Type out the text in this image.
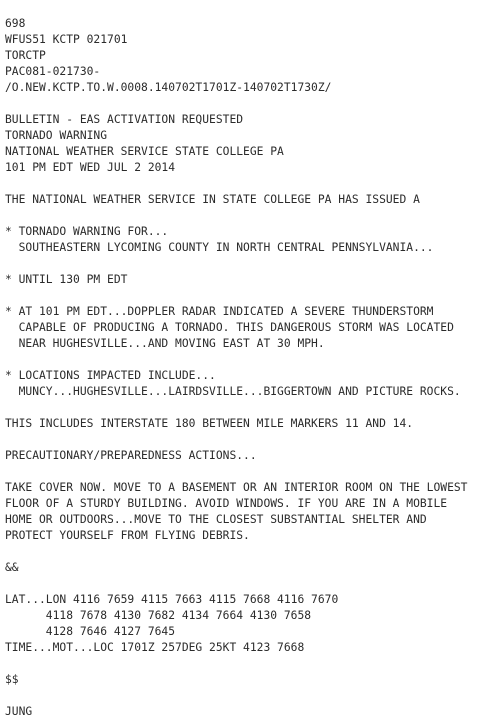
698
WFUS51 KCTP 021701
TORCTP
PAC081-021730-
/O.NEW.KCTP.TO.W.0008.140702T1701Z-140702T1730Z/
BULLETIN - EAS ACTIVATION REQUESTED
TORNADO WARNING
NATIONAL WEATHER SERVICE STATE COLLEGE PA
101 PM EDT WED JUL 2 2014
THE NATIONAL WEATHER SERVICE IN STATE COLLEGE PA HAS ISSUED A
* TORNADO WARNING FOR...
SOUTHEASTERN LYCOMING COUNTY IN NORTH CENTRAL PENNSYLVANIA...
* UNTIL 130 PM EDT
* AT 101 PM EDT...DOPPLER RADAR INDICATED A SEVERE THUNDERSTORM
CAPABLE OF PRODUCING A TORNADO. THIS DANGEROUS STORM WAS LOCATED
NEAR HUGHESVILLE...AND MOVING EAST AT 30 MPH.
* LOCATIONS IMPACTED INCLUDE...
MUNCY...HUGHESVILLE...LAIRDSVILLE...BIGGERTOWN AND PICTURE ROCKS.
THIS INCLUDES INTERSTATE 180 BETWEEN MILE MARKERS 11 AND 14.
PRECAUTIONARY/PREPAREDNESS ACTIONS...
TAKE COVER NOW. MOVE TO A BASEMENT OR AN INTERIOR ROOM ON THE LOWEST
FLOOR OF A STURDY BUILDING. AVOID WINDOWS. IF YOU ARE IN A MOBILE
HOME OR OUTDOORS...MOVE TO THE CLOSEST SUBSTANTIAL SHELTER AND
PROTECT YOURSELF FROM FLYING DEBRIS.
&&
LAT...LON 4116 7659 4115 7663 4115 7668 4116 7670
4118 7678 4130 7682 4134 7664 4130 7658
4128 7646 4127 7645
TIME...MOT...LOC 1701Z 257DEG 25KT 4123 7668
$$
JUNG
